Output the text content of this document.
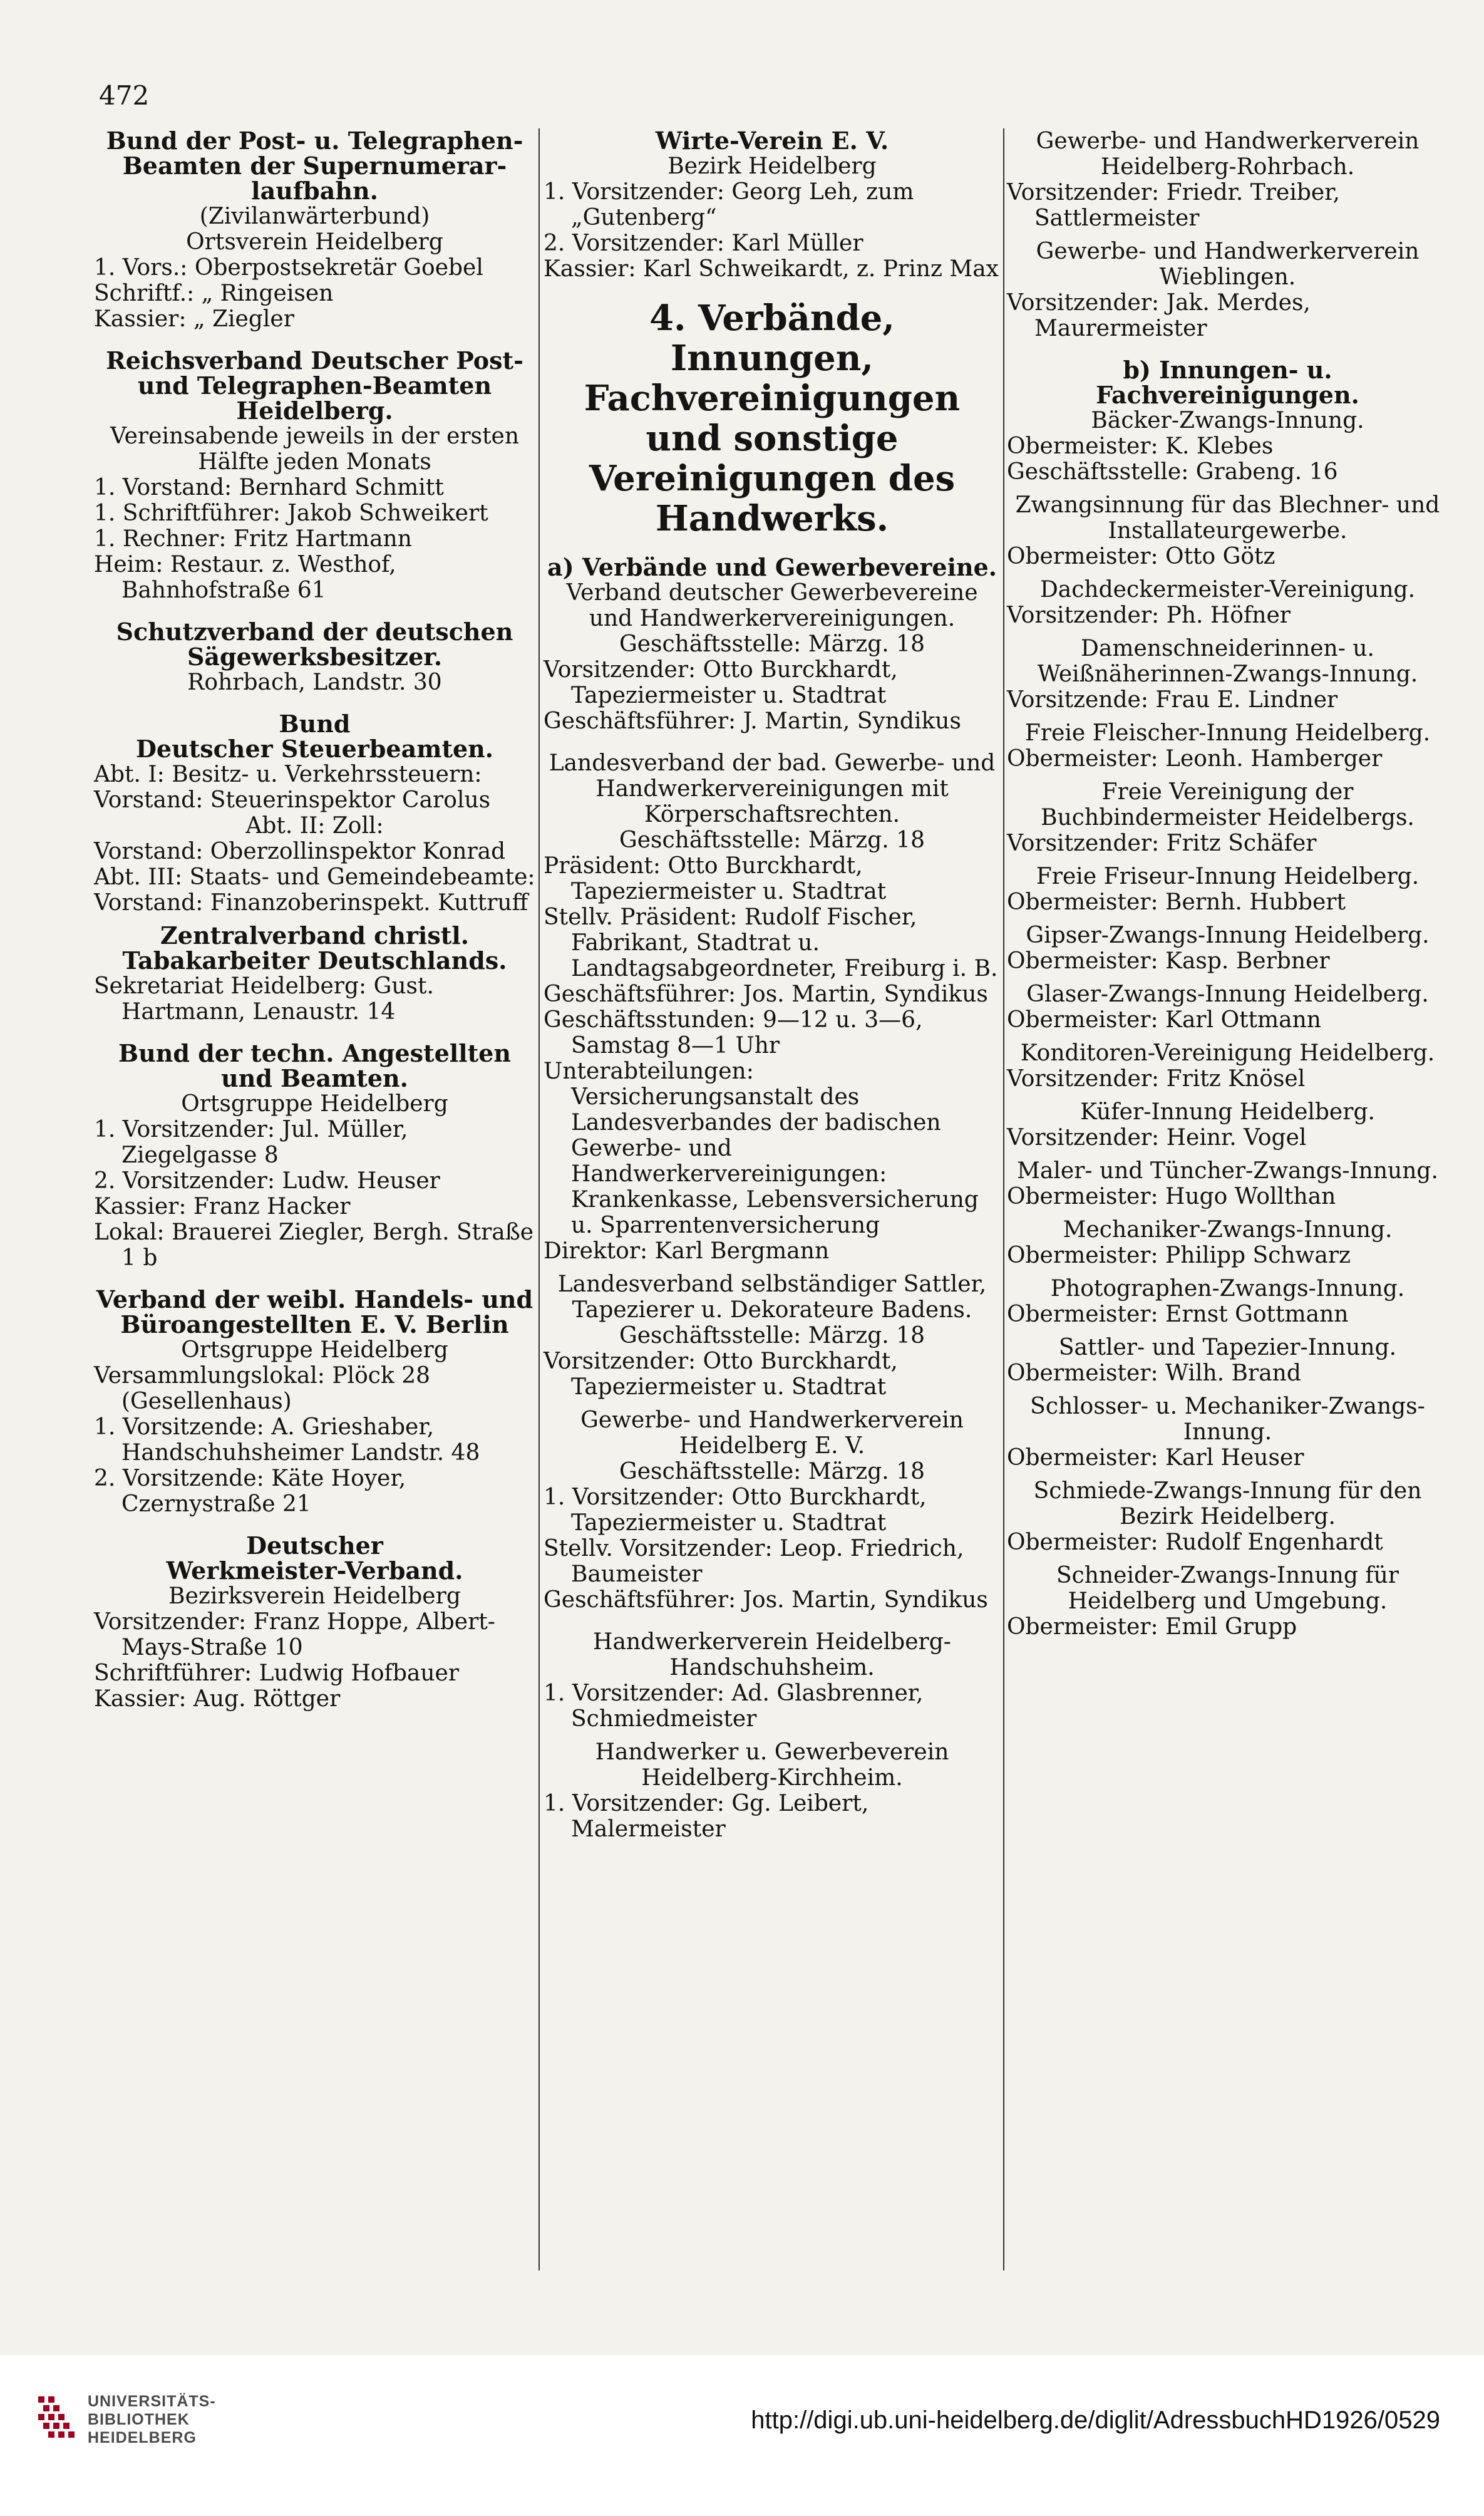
472

Bund der Post- u. Telegraphen-

Beamten der Supernumerar-

laufbahn.

(Zivilanwärterbund)

Ortsverein Heidelberg

1. Vors.: Oberpostsekretär Goebel

Schriftf.: „ Ringeisen

Kassier: „ Ziegler

Reichsverband Deutscher Post- und Telegraphen-Beamten Heidelberg.

Vereinsabende jeweils in der ersten Hälfte jeden Monats

1. Vorstand: Bernhard Schmitt

1. Schriftführer: Jakob Schweikert

1. Rechner: Fritz Hartmann

Heim: Restaur. z. Westhof, Bahnhofstraße 61

Schutzverband der deutschen Sägewerksbesitzer.

Rohrbach, Landstr. 30

Bund

Deutscher Steuerbeamten.

Abt. I: Besitz- u. Verkehrssteuern:

Vorstand: Steuerinspektor Carolus

Abt. II: Zoll:

Vorstand: Oberzollinspektor Konrad

Abt. III: Staats- und Gemeindebeamte:

Vorstand: Finanzoberinspekt. Kuttruff

Zentralverband christl. Tabakarbeiter Deutschlands.

Sekretariat Heidelberg: Gust. Hartmann, Lenaustr. 14

Bund der techn. Angestellten und Beamten.

Ortsgruppe Heidelberg

1. Vorsitzender: Jul. Müller, Ziegelgasse 8

2. Vorsitzender: Ludw. Heuser

Kassier: Franz Hacker

Lokal: Brauerei Ziegler, Bergh. Straße 1 b

Verband der weibl. Handels- und Büroangestellten E. V. Berlin

Ortsgruppe Heidelberg

Versammlungslokal: Plöck 28 (Gesellenhaus)

1. Vorsitzende: A. Grieshaber, Handschuhsheimer Landstr. 48

2. Vorsitzende: Käte Hoyer, Czernystraße 21

Deutscher

Werkmeister-Verband.

Bezirksverein Heidelberg

Vorsitzender: Franz Hoppe, Albert-Mays-Straße 10

Schriftführer: Ludwig Hofbauer

Kassier: Aug. Röttger

Wirte-Verein E. V.

Bezirk Heidelberg

1. Vorsitzender: Georg Leh, zum „Gutenberg“

2. Vorsitzender: Karl Müller

Kassier: Karl Schweikardt, z. Prinz Max

4. Verbände, Innungen, Fachvereinigungen und sonstige Vereinigungen des Handwerks.

a) Verbände und Gewerbevereine.

Verband deutscher Gewerbevereine und Handwerkervereinigungen.

Geschäftsstelle: Märzg. 18

Vorsitzender: Otto Burckhardt, Tapeziermeister u. Stadtrat

Geschäftsführer: J. Martin, Syndikus

Landesverband der bad. Gewerbe- und Handwerkervereinigungen mit Körperschaftsrechten.

Geschäftsstelle: Märzg. 18

Präsident: Otto Burckhardt, Tapeziermeister u. Stadtrat

Stellv. Präsident: Rudolf Fischer, Fabrikant, Stadtrat u. Landtagsabgeordneter, Freiburg i. B.

Geschäftsführer: Jos. Martin, Syndikus

Geschäftsstunden: 9—12 u. 3—6, Samstag 8—1 Uhr

Unterabteilungen: Versicherungsanstalt des Landesverbandes der badischen Gewerbe- und Handwerkervereinigungen: Krankenkasse, Lebensversicherung u. Sparrentenversicherung

Direktor: Karl Bergmann

Landesverband selbständiger Sattler, Tapezierer u. Dekorateure Badens.

Geschäftsstelle: Märzg. 18

Vorsitzender: Otto Burckhardt, Tapeziermeister u. Stadtrat

Gewerbe- und Handwerkerverein Heidelberg E. V.

Geschäftsstelle: Märzg. 18

1. Vorsitzender: Otto Burckhardt, Tapeziermeister u. Stadtrat

Stellv. Vorsitzender: Leop. Friedrich, Baumeister

Geschäftsführer: Jos. Martin, Syndikus

Handwerkerverein Heidelberg-Handschuhsheim.

1. Vorsitzender: Ad. Glasbrenner, Schmiedmeister

Handwerker u. Gewerbeverein Heidelberg-Kirchheim.

1. Vorsitzender: Gg. Leibert, Malermeister

Gewerbe- und Handwerkerverein Heidelberg-Rohrbach.

Vorsitzender: Friedr. Treiber, Sattlermeister

Gewerbe- und Handwerkerverein Wieblingen.

Vorsitzender: Jak. Merdes, Maurermeister

b) Innungen- u. Fachvereinigungen.

Bäcker-Zwangs-Innung.

Obermeister: K. Klebes

Geschäftsstelle: Grabeng. 16

Zwangsinnung für das Blechner- und Installateurgewerbe.

Obermeister: Otto Götz

Dachdeckermeister-Vereinigung.

Vorsitzender: Ph. Höfner

Damenschneiderinnen- u. Weißnäherinnen-Zwangs-Innung.

Vorsitzende: Frau E. Lindner

Freie Fleischer-Innung Heidelberg.

Obermeister: Leonh. Hamberger

Freie Vereinigung der Buchbindermeister Heidelbergs.

Vorsitzender: Fritz Schäfer

Freie Friseur-Innung Heidelberg.

Obermeister: Bernh. Hubbert

Gipser-Zwangs-Innung Heidelberg.

Obermeister: Kasp. Berbner

Glaser-Zwangs-Innung Heidelberg.

Obermeister: Karl Ottmann

Konditoren-Vereinigung Heidelberg.

Vorsitzender: Fritz Knösel

Küfer-Innung Heidelberg.

Vorsitzender: Heinr. Vogel

Maler- und Tüncher-Zwangs-Innung.

Obermeister: Hugo Wollthan

Mechaniker-Zwangs-Innung.

Obermeister: Philipp Schwarz

Photographen-Zwangs-Innung.

Obermeister: Ernst Gottmann

Sattler- und Tapezier-Innung.

Obermeister: Wilh. Brand

Schlosser- u. Mechaniker-Zwangs-Innung.

Obermeister: Karl Heuser

Schmiede-Zwangs-Innung für den Bezirk Heidelberg.

Obermeister: Rudolf Engenhardt

Schneider-Zwangs-Innung für Heidelberg und Umgebung.

Obermeister: Emil Grupp

UNIVERSITÄTS-
BIBLIOTHEK
HEIDELBERG
http://digi.ub.uni-heidelberg.de/diglit/AdressbuchHD1926/0529
